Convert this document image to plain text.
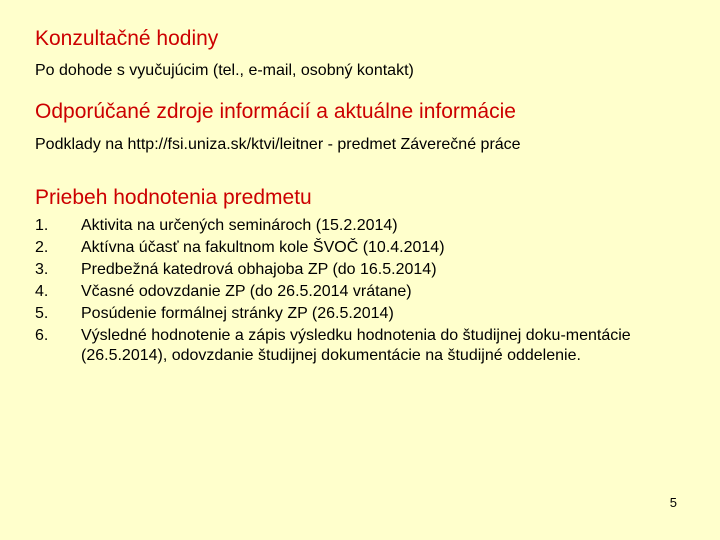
Konzultačné hodiny
Po dohode s vyučujúcim (tel., e-mail, osobný kontakt)
Odporúčané zdroje informácií a aktuálne informácie
Podklady na http://fsi.uniza.sk/ktvi/leitner - predmet Záverečné práce
Priebeh hodnotenia predmetu
1.	Aktivita na určených seminároch (15.2.2014)
2.	Aktívna účasť na fakultnom kole ŠVOČ (10.4.2014)
3.	Predbežná katedrová obhajoba ZP (do 16.5.2014)
4.	Včasné odovzdanie ZP (do 26.5.2014 vrátane)
5.	Posúdenie formálnej stránky ZP (26.5.2014)
6.	Výsledné hodnotenie a zápis výsledku hodnotenia do študijnej doku-mentácie (26.5.2014), odovzdanie študijnej dokumentácie na študijné oddelenie.
5
